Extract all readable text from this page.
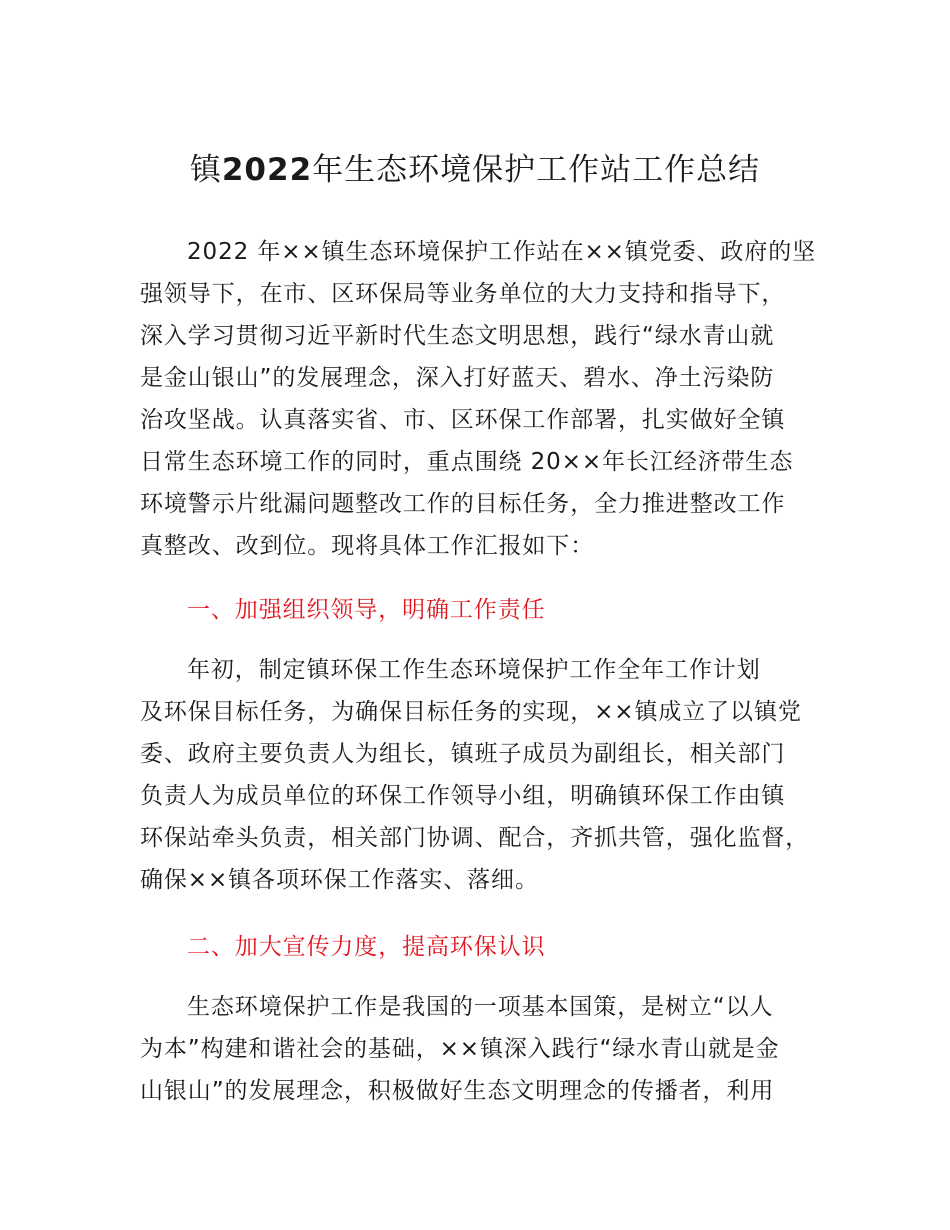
镇2022年生态环境保护工作站工作总结
2022 年××镇生态环境保护工作站在××镇党委、政府的坚
强领导下，在市、区环保局等业务单位的大力支持和指导下，
深入学习贯彻习近平新时代生态文明思想，践行“绿水青山就
是金山银山”的发展理念，深入打好蓝天、碧水、净土污染防
治攻坚战。认真落实省、市、区环保工作部署，扎实做好全镇
日常生态环境工作的同时，重点围绕 20××年长江经济带生态
环境警示片纰漏问题整改工作的目标任务，全力推进整改工作
真整改、改到位。现将具体工作汇报如下：
一、加强组织领导，明确工作责任
年初，制定镇环保工作生态环境保护工作全年工作计划
及环保目标任务，为确保目标任务的实现，××镇成立了以镇党
委、政府主要负责人为组长，镇班子成员为副组长，相关部门
负责人为成员单位的环保工作领导小组，明确镇环保工作由镇
环保站牵头负责，相关部门协调、配合，齐抓共管，强化监督，
确保××镇各项环保工作落实、落细。
二、加大宣传力度，提高环保认识
生态环境保护工作是我国的一项基本国策，是树立“以人
为本”构建和谐社会的基础，××镇深入践行“绿水青山就是金
山银山”的发展理念，积极做好生态文明理念的传播者，利用
